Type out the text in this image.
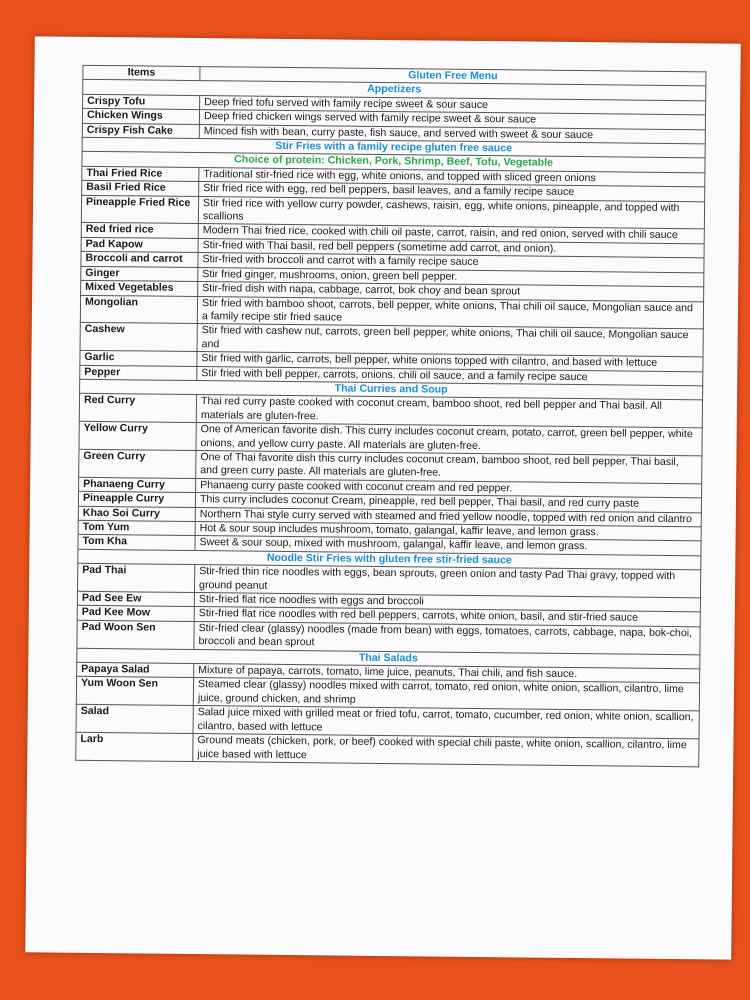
Items	Gluten Free Menu
Appetizers	
Crispy Tofu	Deep fried tofu served with family recipe sweet & sour sauce
Chicken Wings	Deep fried chicken wings served with family recipe sweet & sour sauce
Crispy Fish Cake	Minced fish with bean, curry paste, fish sauce, and served with sweet & sour sauce
Stir Fries with a family recipe gluten free sauce	
Choice of protein: Chicken, Pork, Shrimp, Beef, Tofu, Vegetable	
Thai Fried Rice	Traditional stir-fried rice with egg, white onions, and topped with sliced green onions
Basil Fried Rice	Stir fried rice with egg, red bell peppers, basil leaves, and a family recipe sauce
Pineapple Fried Rice	Stir fried rice with yellow curry powder, cashews, raisin, egg, white onions, pineapple, and topped with scallions
Red fried rice	Modern Thai fried rice, cooked with chili oil paste, carrot, raisin, and red onion, served with chili sauce
Pad Kapow	Stir-fried with Thai basil, red bell peppers (sometime add carrot, and onion).
Broccoli and carrot	Stir-fried with broccoli and carrot with a family recipe sauce
Ginger	Stir fried ginger, mushrooms, onion, green bell pepper.
Mixed Vegetables	Stir-fried dish with napa, cabbage, carrot, bok choy and bean sprout
Mongolian	Stir fried with bamboo shoot, carrots, bell pepper, white onions, Thai chili oil sauce, Mongolian sauce and a family recipe stir fried sauce
Cashew	Stir fried with cashew nut, carrots, green bell pepper, white onions, Thai chili oil sauce, Mongolian sauce and
Garlic	Stir fried with garlic, carrots, bell pepper, white onions topped with cilantro, and based with lettuce
Pepper	Stir fried with bell pepper, carrots, onions. chili oil sauce, and a family recipe sauce
Thai Curries and Soup	
Red Curry	Thai red curry paste cooked with coconut cream, bamboo shoot, red bell pepper and Thai basil. All materials are gluten-free.
Yellow Curry	One of American favorite dish. This curry includes coconut cream, potato, carrot, green bell pepper, white onions, and yellow curry paste. All materials are gluten-free.
Green Curry	One of Thai favorite dish this curry includes coconut cream, bamboo shoot, red bell pepper, Thai basil, and green curry paste. All materials are gluten-free.
Phanaeng Curry	Phanaeng curry paste cooked with coconut cream and red pepper.
Pineapple Curry	This curry includes coconut Cream, pineapple, red bell pepper, Thai basil, and red curry paste
Khao Soi Curry	Northern Thai style curry served with steamed and fried yellow noodle, topped with red onion and cilantro
Tom Yum	Hot & sour soup includes mushroom, tomato, galangal, kaffir leave, and lemon grass.
Tom Kha	Sweet & sour soup, mixed with mushroom, galangal, kaffir leave, and lemon grass.
Noodle Stir Fries with gluten free stir-fried sauce	
Pad Thai	Stir-fried thin rice noodles with eggs, bean sprouts, green onion and tasty Pad Thai gravy, topped with ground peanut
Pad See Ew	Stir-fried flat rice noodles with eggs and broccoli
Pad Kee Mow	Stir-fried flat rice noodles with red bell peppers, carrots, white onion, basil, and stir-fried sauce
Pad Woon Sen	Stir-fried clear (glassy) noodles (made from bean) with eggs, tomatoes, carrots, cabbage, napa, bok-choi, broccoli and bean sprout
Thai Salads	
Papaya Salad	Mixture of papaya, carrots, tomato, lime juice, peanuts, Thai chili, and fish sauce.
Yum Woon Sen	Steamed clear (glassy) noodles mixed with carrot, tomato, red onion, white onion, scallion, cilantro, lime juice, ground chicken, and shrimp
Salad	Salad juice mixed with grilled meat or fried tofu, carrot, tomato, cucumber, red onion, white onion, scallion, cilantro, based with lettuce
Larb	Ground meats (chicken, pork, or beef) cooked with special chili paste, white onion, scallion, cilantro, lime juice based with lettuce
